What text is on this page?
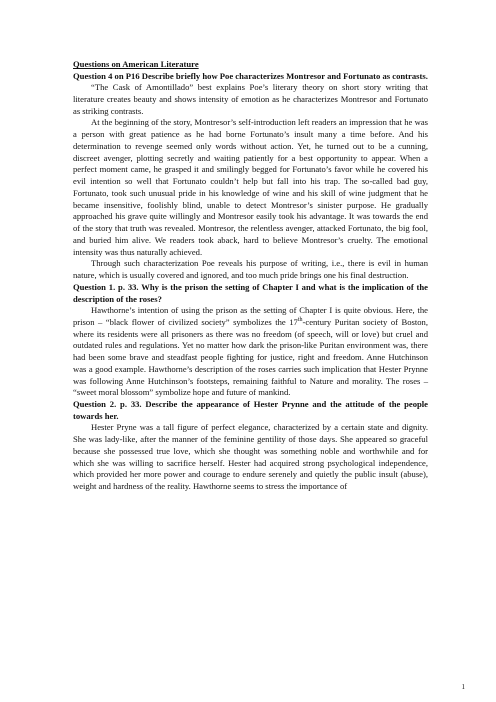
Questions on American Literature

Question 4 on P16 Describe briefly how Poe characterizes Montresor and Fortunato as contrasts.

“The Cask of Amontillado” best explains Poe’s literary theory on short story writing that literature creates beauty and shows intensity of emotion as he characterizes Montresor and Fortunato as striking contrasts.

At the beginning of the story, Montresor’s self-introduction left readers an impression that he was a person with great patience as he had borne Fortunato’s insult many a time before. And his determination to revenge seemed only words without action. Yet, he turned out to be a cunning, discreet avenger, plotting secretly and waiting patiently for a best opportunity to appear. When a perfect moment came, he grasped it and smilingly begged for Fortunato’s favor while he covered his evil intention so well that Fortunato couldn’t help but fall into his trap. The so-called bad guy, Fortunato, took such unusual pride in his knowledge of wine and his skill of wine judgment that he became insensitive, foolishly blind, unable to detect Montresor’s sinister purpose. He gradually approached his grave quite willingly and Montresor easily took his advantage. It was towards the end of the story that truth was revealed. Montresor, the relentless avenger, attacked Fortunato, the big fool, and buried him alive. We readers took aback, hard to believe Montresor’s cruelty. The emotional intensity was thus naturally achieved.

Through such characterization Poe reveals his purpose of writing, i.e., there is evil in human nature, which is usually covered and ignored, and too much pride brings one his final destruction.

Question 1. p. 33. Why is the prison the setting of Chapter I and what is the implication of the description of the roses?

Hawthorne’s intention of using the prison as the setting of Chapter I is quite obvious. Here, the prison – “black flower of civilized society” symbolizes the 17th-century Puritan society of Boston, where its residents were all prisoners as there was no freedom (of speech, will or love) but cruel and outdated rules and regulations. Yet no matter how dark the prison-like Puritan environment was, there had been some brave and steadfast people fighting for justice, right and freedom. Anne Hutchinson was a good example. Hawthorne’s description of the roses carries such implication that Hester Prynne was following Anne Hutchinson’s footsteps, remaining faithful to Nature and morality. The roses – “sweet moral blossom” symbolize hope and future of mankind.

Question 2. p. 33. Describe the appearance of Hester Prynne and the attitude of the people towards her.

Hester Pryne was a tall figure of perfect elegance, characterized by a certain state and dignity. She was lady-like, after the manner of the feminine gentility of those days. She appeared so graceful because she possessed true love, which she thought was something noble and worthwhile and for which she was willing to sacrifice herself. Hester had acquired strong psychological independence, which provided her more power and courage to endure serenely and quietly the public insult (abuse), weight and hardness of the reality. Hawthorne seems to stress the importance of

1
